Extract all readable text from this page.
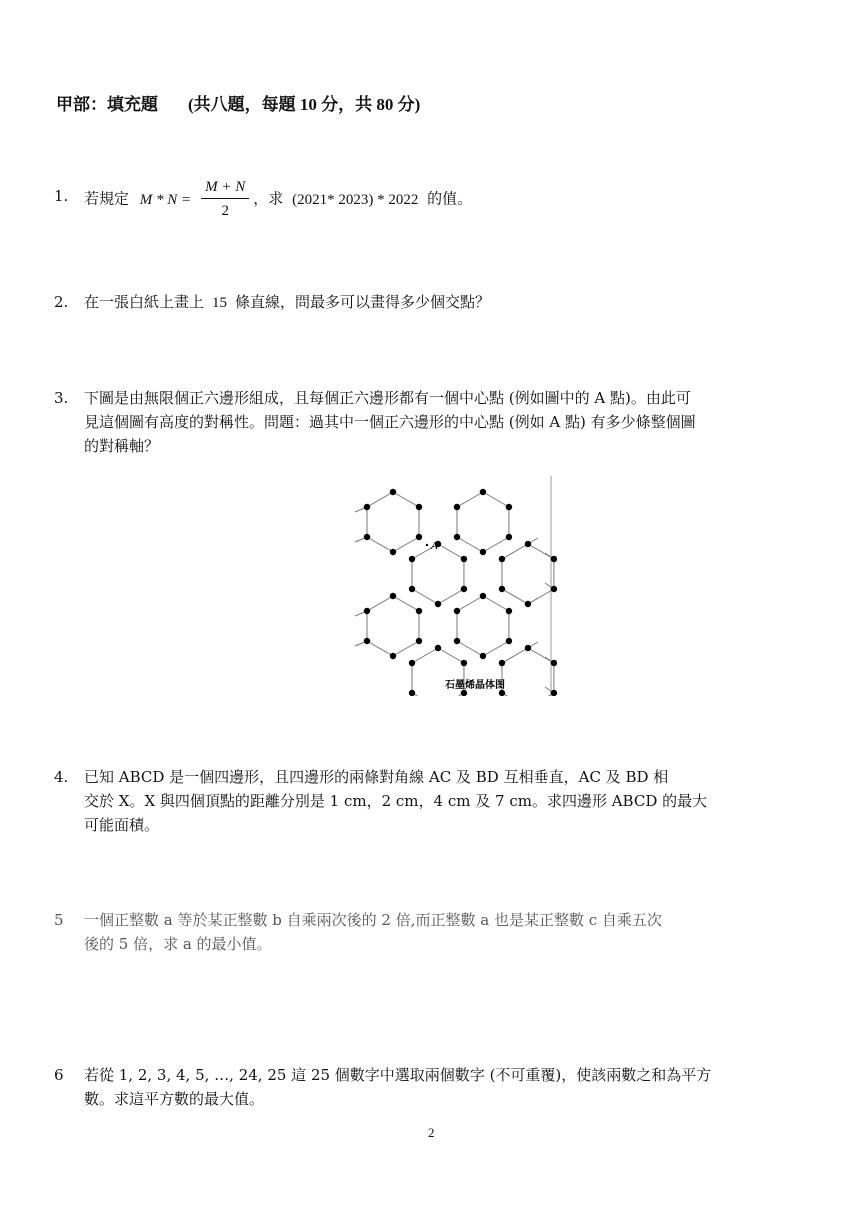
甲部：填充題 (共八題，每題 10 分，共 80 分)
1.	若規定 $M * N = \frac{M + N}{2}$ ，求 (2021* 2023) * 2022 的值。
2.	在一張白紙上畫上 15 條直線，問最多可以畫得多少個交點？
3.	下圖是由無限個正六邊形組成，且每個正六邊形都有一個中心點 (例如圖中的 A 點)。由此可
見這個圖有高度的對稱性。問題：過其中一個正六邊形的中心點 (例如 A 點) 有多少條整個圖
的對稱軸？
A
石墨烯晶体图
4.	已知 ABCD 是一個四邊形，且四邊形的兩條對角線 AC 及 BD 互相垂直，AC 及 BD 相
交於 X。X 與四個頂點的距離分別是 1 cm，2 cm，4 cm 及 7 cm。求四邊形 ABCD 的最大
可能面積。
5	一個正整數 a 等於某正整數 b 自乘兩次後的 2 倍,而正整數 a 也是某正整數 c 自乘五次
後的 5 倍，求 a 的最小值。
6	若從 1, 2, 3, 4, 5, …, 24, 25 這 25 個數字中選取兩個數字 (不可重覆)，使該兩數之和為平方
數。求這平方數的最大值。
2
